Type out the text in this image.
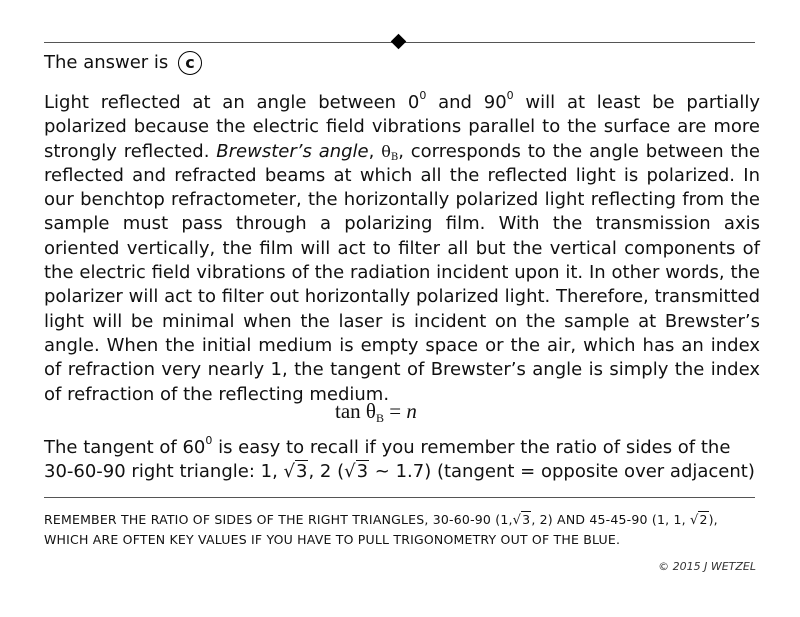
The answer is c
Light reflected at an angle between $0^0$ and $90^0$ will at least be partially polarized because the electric field vibrations parallel to the surface are more strongly reflected. Brewster’s angle, $\theta_B$, corresponds to the angle between the reflected and refracted beams at which all the reflected light is polarized. In our benchtop refractometer, the horizontally polarized light reflecting from the sample must pass through a polarizing film. With the transmission axis oriented vertically, the film will act to filter all but the vertical components of the electric field vibrations of the radiation incident upon it. In other words, the polarizer will act to filter out horizontally polarized light. Therefore, transmitted light will be minimal when the laser is incident on the sample at Brewster’s angle. When the initial medium is empty space or the air, which has an index of refraction very nearly 1, the tangent of Brewster’s angle is simply the index of refraction of the reflecting medium.
$\tan \theta_B = n$
The tangent of $60^0$ is easy to recall if you remember the ratio of sides of the 30-60-90 right triangle: 1, √3, 2 (√3 ~ 1.7) (tangent = opposite over adjacent)
REMEMBER THE RATIO OF SIDES OF THE RIGHT TRIANGLES, 30-60-90 (1,√3, 2) AND 45-45-90 (1, 1, √2), WHICH ARE OFTEN KEY VALUES IF YOU HAVE TO PULL TRIGONOMETRY OUT OF THE BLUE.
© 2015 J WETZEL
